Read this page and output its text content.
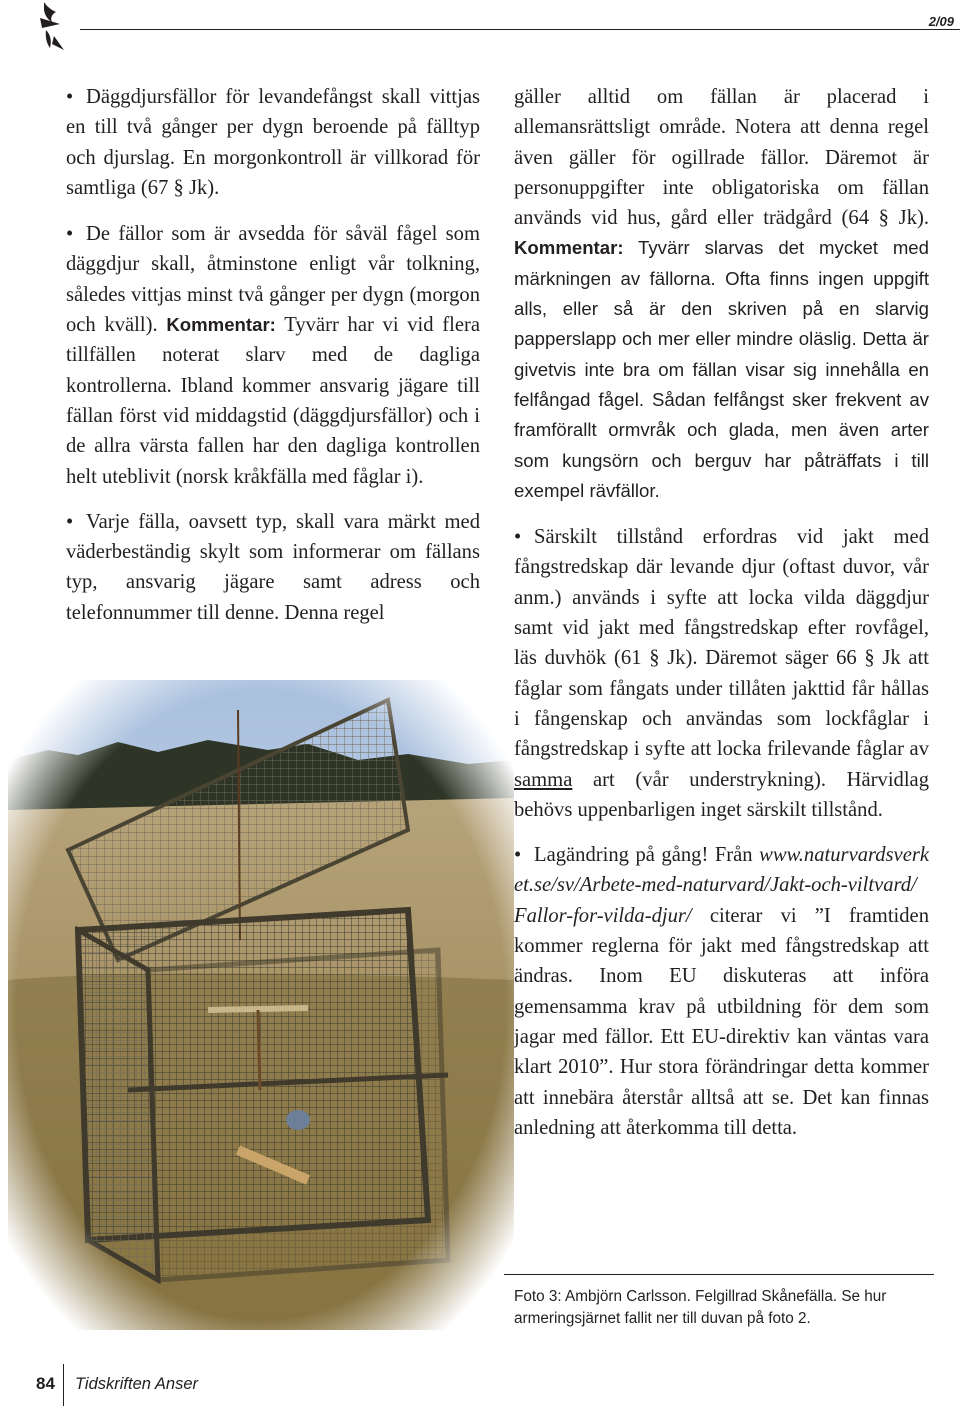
2/09

• Däggdjursfällor för levandefångst skall vittjas en till två gånger per dygn beroende på fälltyp och djurslag. En morgonkontroll är villkorad för samtliga (67 § Jk).

• De fällor som är avsedda för såväl fågel som däggdjur skall, åtminstone enligt vår tolkning, således vittjas minst två gånger per dygn (morgon och kväll). Kommentar: Tyvärr har vi vid flera tillfällen noterat slarv med de dagliga kontrollerna. Ibland kommer ansvarig jägare till fällan först vid middagstid (däggdjursfällor) och i de allra värsta fallen har den dagliga kontrollen helt uteblivit (norsk kråkfälla med fåglar i).

• Varje fälla, oavsett typ, skall vara märkt med väderbeständig skylt som informerar om fällans typ, ansvarig jägare samt adress och telefonnummer till denne. Denna regel

gäller alltid om fällan är placerad i allemansrättsligt område. Notera att denna regel även gäller för ogillrade fällor. Däremot är personuppgifter inte obligatoriska om fällan används vid hus, gård eller trädgård (64 § Jk). Kommentar: Tyvärr slarvas det mycket med märkningen av fällorna. Ofta finns ingen uppgift alls, eller så är den skriven på en slarvig papperslapp och mer eller mindre oläslig. Detta är givetvis inte bra om fällan visar sig innehålla en felfångad fågel. Sådan felfångst sker frekvent av framförallt ormvråk och glada, men även arter som kungsörn och berguv har påträffats i till exempel rävfällor.

• Särskilt tillstånd erfordras vid jakt med fångstredskap där levande djur (oftast duvor, vår anm.) används i syfte att locka vilda däggdjur samt vid jakt med fångstredskap efter rovfågel, läs duvhök (61 § Jk). Däremot säger 66 § Jk att fåglar som fångats under tillåten jakttid får hållas i fångenskap och användas som lockfåglar i fångstredskap i syfte att locka frilevande fåglar av samma art (vår understrykning). Härvidlag behövs uppenbarligen inget särskilt tillstånd.

• Lagändring på gång! Från www.naturvardsverket.se/sv/Arbete-med-naturvard/Jakt-och-viltvard/Fallor-for-vilda-djur/ citerar vi ”I framtiden kommer reglerna för jakt med fångstredskap att ändras. Inom EU diskuteras att införa gemensamma krav på utbildning för dem som jagar med fällor. Ett EU-direktiv kan väntas vara klart 2010”. Hur stora förändringar detta kommer att innebära återstår alltså att se. Det kan finnas anledning att återkomma till detta.

Foto 3: Ambjörn Carlsson. Felgillrad Skånefälla. Se hur armeringsjärnet fallit ner till duvan på foto 2.
84 Tidskriften Anser
